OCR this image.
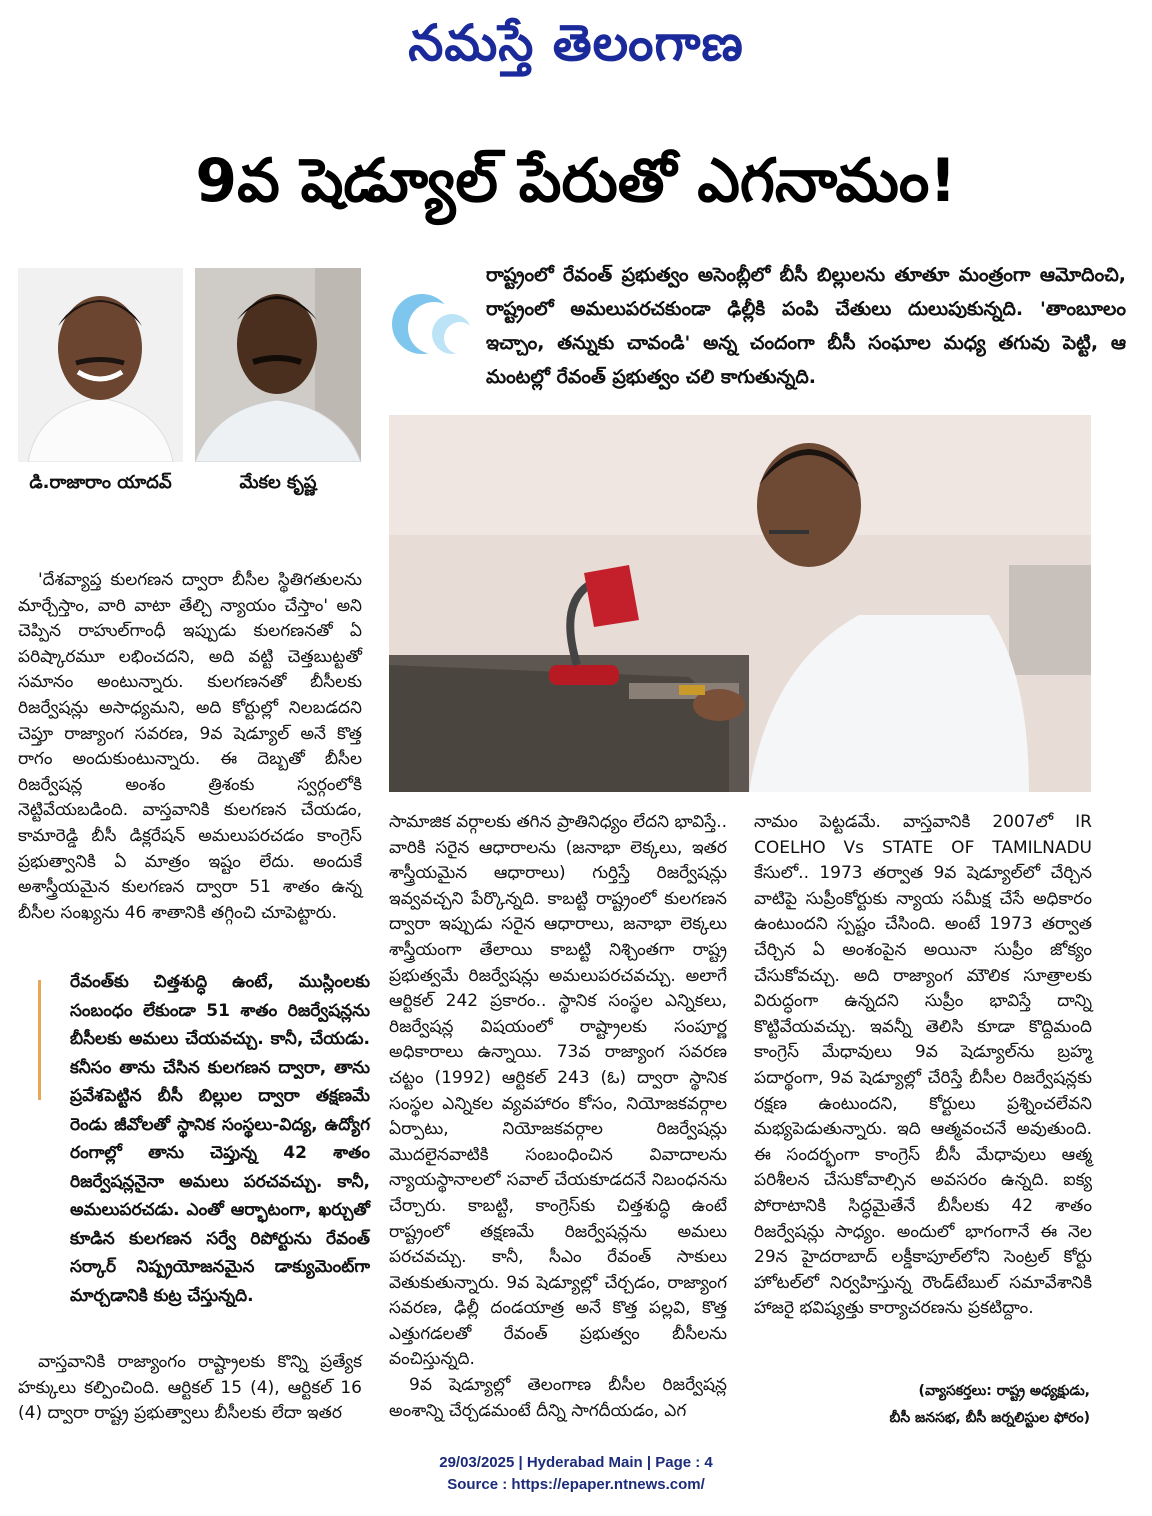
నమస్తే తెలంగాణ
9వ షెడ్యూల్ పేరుతో ఎగనామం!
రాష్ట్రంలో రేవంత్ ప్రభుత్వం అసెంబ్లీలో బీసీ బిల్లులను తూతూ మంత్రంగా ఆమోదించి, రాష్ట్రంలో అమలుపరచకుండా ఢిల్లీకి పంపి చేతులు దులుపుకున్నది. 'తాంబూలం ఇచ్చాం, తన్నుకు చావండి' అన్న చందంగా బీసీ సంఘాల మధ్య తగువు పెట్టి, ఆ మంటల్లో రేవంత్ ప్రభుత్వం చలి కాగుతున్నది.
డి.రాజారాం యాదవ్	మేకల కృష్ణ
'దేశవ్యాప్త కులగణన ద్వారా బీసీల స్థితిగతులను మార్చేస్తాం, వారి వాటా తేల్చి న్యాయం చేస్తాం' అని చెప్పిన రాహుల్‌గాంధీ ఇప్పుడు కులగణనతో ఏ పరిష్కారమూ లభించదని, అది వట్టి చెత్తబుట్టతో సమానం అంటున్నారు. కులగణనతో బీసీలకు రిజర్వేషన్లు అసాధ్యమని, అది కోర్టుల్లో నిలబడదని చెప్తూ రాజ్యాంగ సవరణ, 9వ షెడ్యూల్ అనే కొత్త రాగం అందుకుంటున్నారు. ఈ దెబ్బతో బీసీల రిజర్వేషన్ల అంశం త్రిశంకు స్వర్గంలోకి నెట్టివేయబడింది. వాస్తవానికి కులగణన చేయడం, కామారెడ్డి బీసీ డిక్లరేషన్ అమలుపరచడం కాంగ్రెస్ ప్రభుత్వానికి ఏ మాత్రం ఇష్టం లేదు. అందుకే అశాస్త్రీయమైన కులగణన ద్వారా 51 శాతం ఉన్న బీసీల సంఖ్యను 46 శాతానికి తగ్గించి చూపెట్టారు.
రేవంత్‌కు చిత్తశుద్ధి ఉంటే, ముస్లింలకు సంబంధం లేకుండా 51 శాతం రిజర్వేషన్లను బీసీలకు అమలు చేయవచ్చు. కానీ, చేయడు. కనీసం తాను చేసిన కులగణన ద్వారా, తాను ప్రవేశపెట్టిన బీసీ బిల్లుల ద్వారా తక్షణమే రెండు జీవోలతో స్థానిక సంస్థలు-విద్య, ఉద్యోగ రంగాల్లో తాను చెప్తున్న 42 శాతం రిజర్వేషన్లనైనా అమలు పరచవచ్చు. కానీ, అమలుపరచడు. ఎంతో ఆర్భాటంగా, ఖర్చుతో కూడిన కులగణన సర్వే రిపోర్టును రేవంత్ సర్కార్ నిష్ప్రయోజనమైన డాక్యుమెంట్‌గా మార్చడానికి కుట్ర చేస్తున్నది.
వాస్తవానికి రాజ్యాంగం రాష్ట్రాలకు కొన్ని ప్రత్యేక హక్కులు కల్పించింది. ఆర్టికల్ 15 (4), ఆర్టికల్ 16 (4) ద్వారా రాష్ట్ర ప్రభుత్వాలు బీసీలకు లేదా ఇతర
సామాజిక వర్గాలకు తగిన ప్రాతినిధ్యం లేదని భావిస్తే.. వారికి సరైన ఆధారాలను (జనాభా లెక్కలు, ఇతర శాస్త్రీయమైన ఆధారాలు) గుర్తిస్తే రిజర్వేషన్లు ఇవ్వవచ్చని పేర్కొన్నది. కాబట్టి రాష్ట్రంలో కులగణన ద్వారా ఇప్పుడు సరైన ఆధారాలు, జనాభా లెక్కలు శాస్త్రీయంగా తేలాయి కాబట్టి నిశ్చింతగా రాష్ట్ర ప్రభుత్వమే రిజర్వేషన్లు అమలుపరచవచ్చు. అలాగే ఆర్టికల్ 242 ప్రకారం.. స్థానిక సంస్థల ఎన్నికలు, రిజర్వేషన్ల విషయంలో రాష్ట్రాలకు సంపూర్ణ అధికారాలు ఉన్నాయి. 73వ రాజ్యాంగ సవరణ చట్టం (1992) ఆర్టికల్ 243 (ఓ) ద్వారా స్థానిక సంస్థల ఎన్నికల వ్యవహారం కోసం, నియోజకవర్గాల ఏర్పాటు, నియోజకవర్గాల రిజర్వేషన్లు మొదలైనవాటికి సంబంధించిన వివాదాలను న్యాయస్థానాలలో సవాల్ చేయకూడదనే నిబంధనను చేర్చారు. కాబట్టి, కాంగ్రెస్‌కు చిత్తశుద్ధి ఉంటే రాష్ట్రంలో తక్షణమే రిజర్వేషన్లను అమలు పరచవచ్చు. కానీ, సీఎం రేవంత్ సాకులు వెతుకుతున్నారు. 9వ షెడ్యూల్లో చేర్చడం, రాజ్యాంగ సవరణ, ఢిల్లీ దండయాత్ర అనే కొత్త పల్లవి, కొత్త ఎత్తుగడలతో రేవంత్ ప్రభుత్వం బీసీలను వంచిస్తున్నది.
9వ షెడ్యూల్లో తెలంగాణ బీసీల రిజర్వేషన్ల అంశాన్ని చేర్చడమంటే దీన్ని సాగదీయడం, ఎగ
నామం పెట్టడమే. వాస్తవానికి 2007లో IR COELHO Vs STATE OF TAMILNADU కేసులో.. 1973 తర్వాత 9వ షెడ్యూల్‌లో చేర్చిన వాటిపై సుప్రీంకోర్టుకు న్యాయ సమీక్ష చేసే అధికారం ఉంటుందని స్పష్టం చేసింది. అంటే 1973 తర్వాత చేర్చిన ఏ అంశంపైన అయినా సుప్రీం జోక్యం చేసుకోవచ్చు. అది రాజ్యాంగ మౌలిక సూత్రాలకు విరుద్ధంగా ఉన్నదని సుప్రీం భావిస్తే దాన్ని కొట్టివేయవచ్చు. ఇవన్నీ తెలిసి కూడా కొద్దిమంది కాంగ్రెస్ మేధావులు 9వ షెడ్యూల్‌ను బ్రహ్మ పదార్థంగా, 9వ షెడ్యూల్లో చేరిస్తే బీసీల రిజర్వేషన్లకు రక్షణ ఉంటుందని, కోర్టులు ప్రశ్నించలేవని మభ్యపెడుతున్నారు. ఇది ఆత్మవంచనే అవుతుంది. ఈ సందర్భంగా కాంగ్రెస్ బీసీ మేధావులు ఆత్మ పరిశీలన చేసుకోవాల్సిన అవసరం ఉన్నది. ఐక్య పోరాటానికి సిద్ధమైతేనే బీసీలకు 42 శాతం రిజర్వేషన్లు సాధ్యం. అందులో భాగంగానే ఈ నెల 29న హైదరాబాద్ లక్డీకాపూల్‌లోని సెంట్రల్ కోర్టు హోటల్‌లో నిర్వహిస్తున్న రౌండ్‌టేబుల్ సమావేశానికి హాజరై భవిష్యత్తు కార్యాచరణను ప్రకటిద్దాం.
(వ్యాసకర్తలు: రాష్ట్ర అధ్యక్షుడు,
బీసీ జనసభ, బీసీ జర్నలిస్టుల ఫోరం)
29/03/2025 | Hyderabad Main | Page : 4
Source : https://epaper.ntnews.com/
